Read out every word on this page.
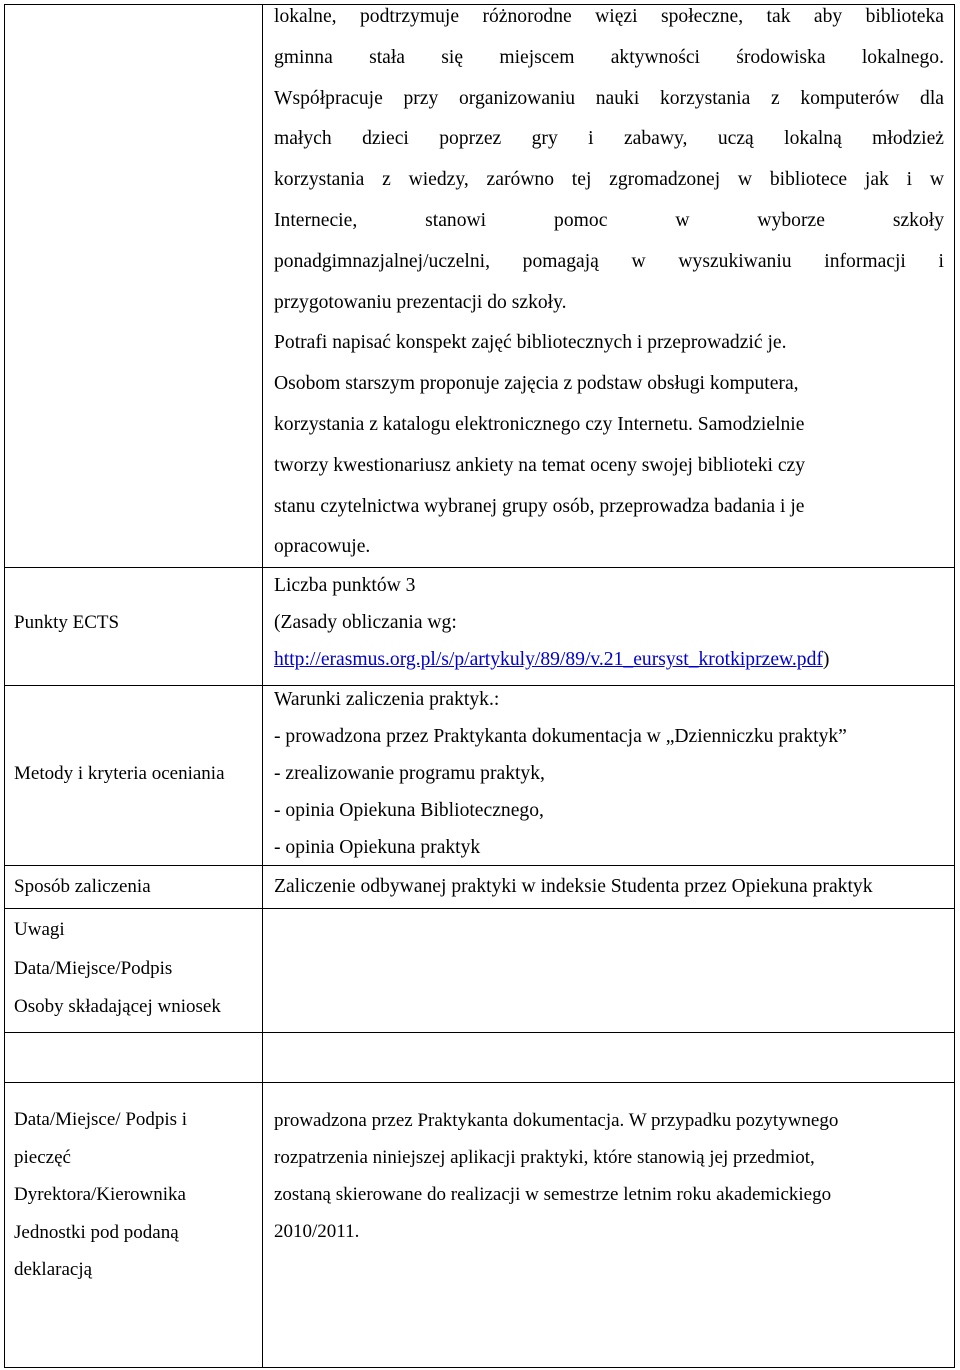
lokalne, podtrzymuje różnorodne więzi społeczne, tak aby biblioteka
gminna stała się miejscem aktywności środowiska lokalnego.
Współpracuje przy organizowaniu nauki korzystania z komputerów dla
małych dzieci poprzez gry i zabawy, uczą lokalną młodzież
korzystania z wiedzy, zarówno tej zgromadzonej w bibliotece jak i w
Internecie, stanowi pomoc w wyborze szkoły
ponadgimnazjalnej/uczelni, pomagają w wyszukiwaniu informacji i
przygotowaniu prezentacji do szkoły.
Potrafi napisać konspekt zajęć bibliotecznych i przeprowadzić je.
Osobom starszym proponuje zajęcia z podstaw obsługi komputera,
korzystania z katalogu elektronicznego czy Internetu. Samodzielnie
tworzy kwestionariusz ankiety na temat oceny swojej biblioteki czy
stanu czytelnictwa wybranej grupy osób, przeprowadza badania i je
opracowuje.
Punkty ECTS
Liczba punktów 3
(Zasady obliczania wg:
http://erasmus.org.pl/s/p/artykuly/89/89/v.21_eursyst_krotkiprzew.pdf)
Metody i kryteria oceniania
Warunki zaliczenia praktyk.:
- prowadzona przez Praktykanta dokumentacja w „Dzienniczku praktyk”
- zrealizowanie programu praktyk,
- opinia Opiekuna Bibliotecznego,
- opinia Opiekuna praktyk
Sposób zaliczenia	Zaliczenie odbywanej praktyki w indeksie Studenta przez Opiekuna praktyk
Uwagi
Data/Miejsce/Podpis
Osoby składającej wniosek
Data/Miejsce/ Podpis i
pieczęć
Dyrektora/Kierownika
Jednostki pod podaną
deklaracją
prowadzona przez Praktykanta dokumentacja. W przypadku pozytywnego
rozpatrzenia niniejszej aplikacji praktyki, które stanowią jej przedmiot,
zostaną skierowane do realizacji w semestrze letnim roku akademickiego
2010/2011.
